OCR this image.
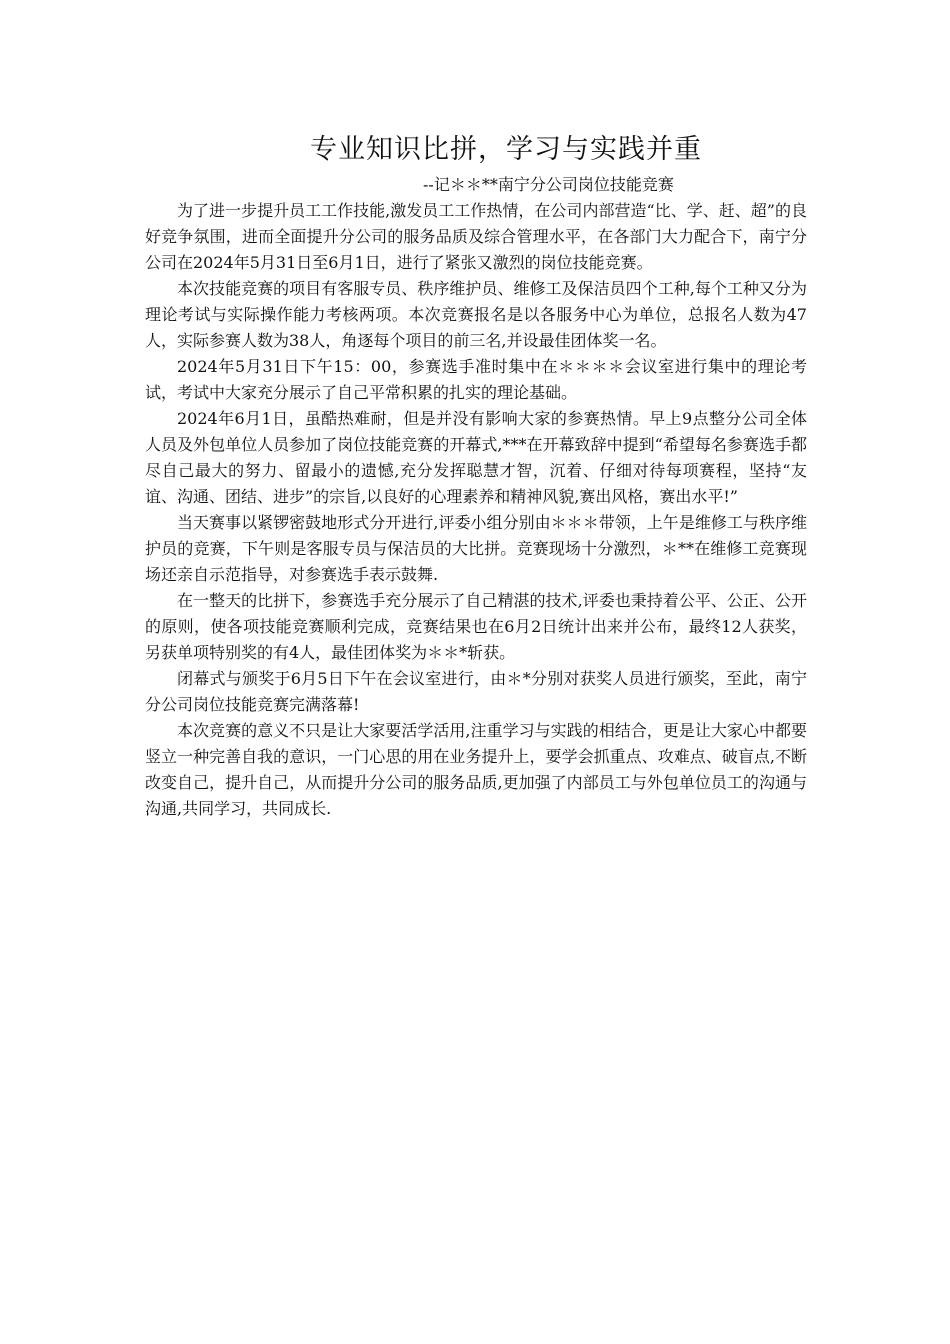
专业知识比拼，学习与实践并重

--记＊＊**南宁分公司岗位技能竞赛

为了进一步提升员工工作技能,激发员工工作热情，在公司内部营造“比、学、赶、超”的良好竞争氛围，进而全面提升分公司的服务品质及综合管理水平，在各部门大力配合下，南宁分公司在2024年5月31日至6月1日，进行了紧张又激烈的岗位技能竞赛。

本次技能竞赛的项目有客服专员、秩序维护员、维修工及保洁员四个工种,每个工种又分为理论考试与实际操作能力考核两项。本次竞赛报名是以各服务中心为单位，总报名人数为47人，实际参赛人数为38人，角逐每个项目的前三名,并设最佳团体奖一名。

2024年5月31日下午15：00，参赛选手准时集中在＊＊＊＊会议室进行集中的理论考试，考试中大家充分展示了自己平常积累的扎实的理论基础。

2024年6月1日，虽酷热难耐，但是并没有影响大家的参赛热情。早上9点整分公司全体人员及外包单位人员参加了岗位技能竞赛的开幕式,***在开幕致辞中提到“希望每名参赛选手都尽自己最大的努力、留最小的遗憾,充分发挥聪慧才智，沉着、仔细对待每项赛程，坚持“友谊、沟通、团结、进步”的宗旨,以良好的心理素养和精神风貌,赛出风格，赛出水平!”

当天赛事以紧锣密鼓地形式分开进行,评委小组分别由＊＊＊带领，上午是维修工与秩序维护员的竞赛，下午则是客服专员与保洁员的大比拼。竞赛现场十分激烈，＊**在维修工竞赛现场还亲自示范指导，对参赛选手表示鼓舞.

在一整天的比拼下，参赛选手充分展示了自己精湛的技术,评委也秉持着公平、公正、公开的原则，使各项技能竞赛顺利完成，竞赛结果也在6月2日统计出来并公布，最终12人获奖，另获单项特别奖的有4人，最佳团体奖为＊＊*斩获。

闭幕式与颁奖于6月5日下午在会议室进行，由＊*分别对获奖人员进行颁奖，至此，南宁分公司岗位技能竞赛完满落幕!

本次竞赛的意义不只是让大家要活学活用,注重学习与实践的相结合，更是让大家心中都要竖立一种完善自我的意识，一门心思的用在业务提升上，要学会抓重点、攻难点、破盲点,不断改变自己，提升自己，从而提升分公司的服务品质,更加强了内部员工与外包单位员工的沟通与沟通,共同学习，共同成长.
